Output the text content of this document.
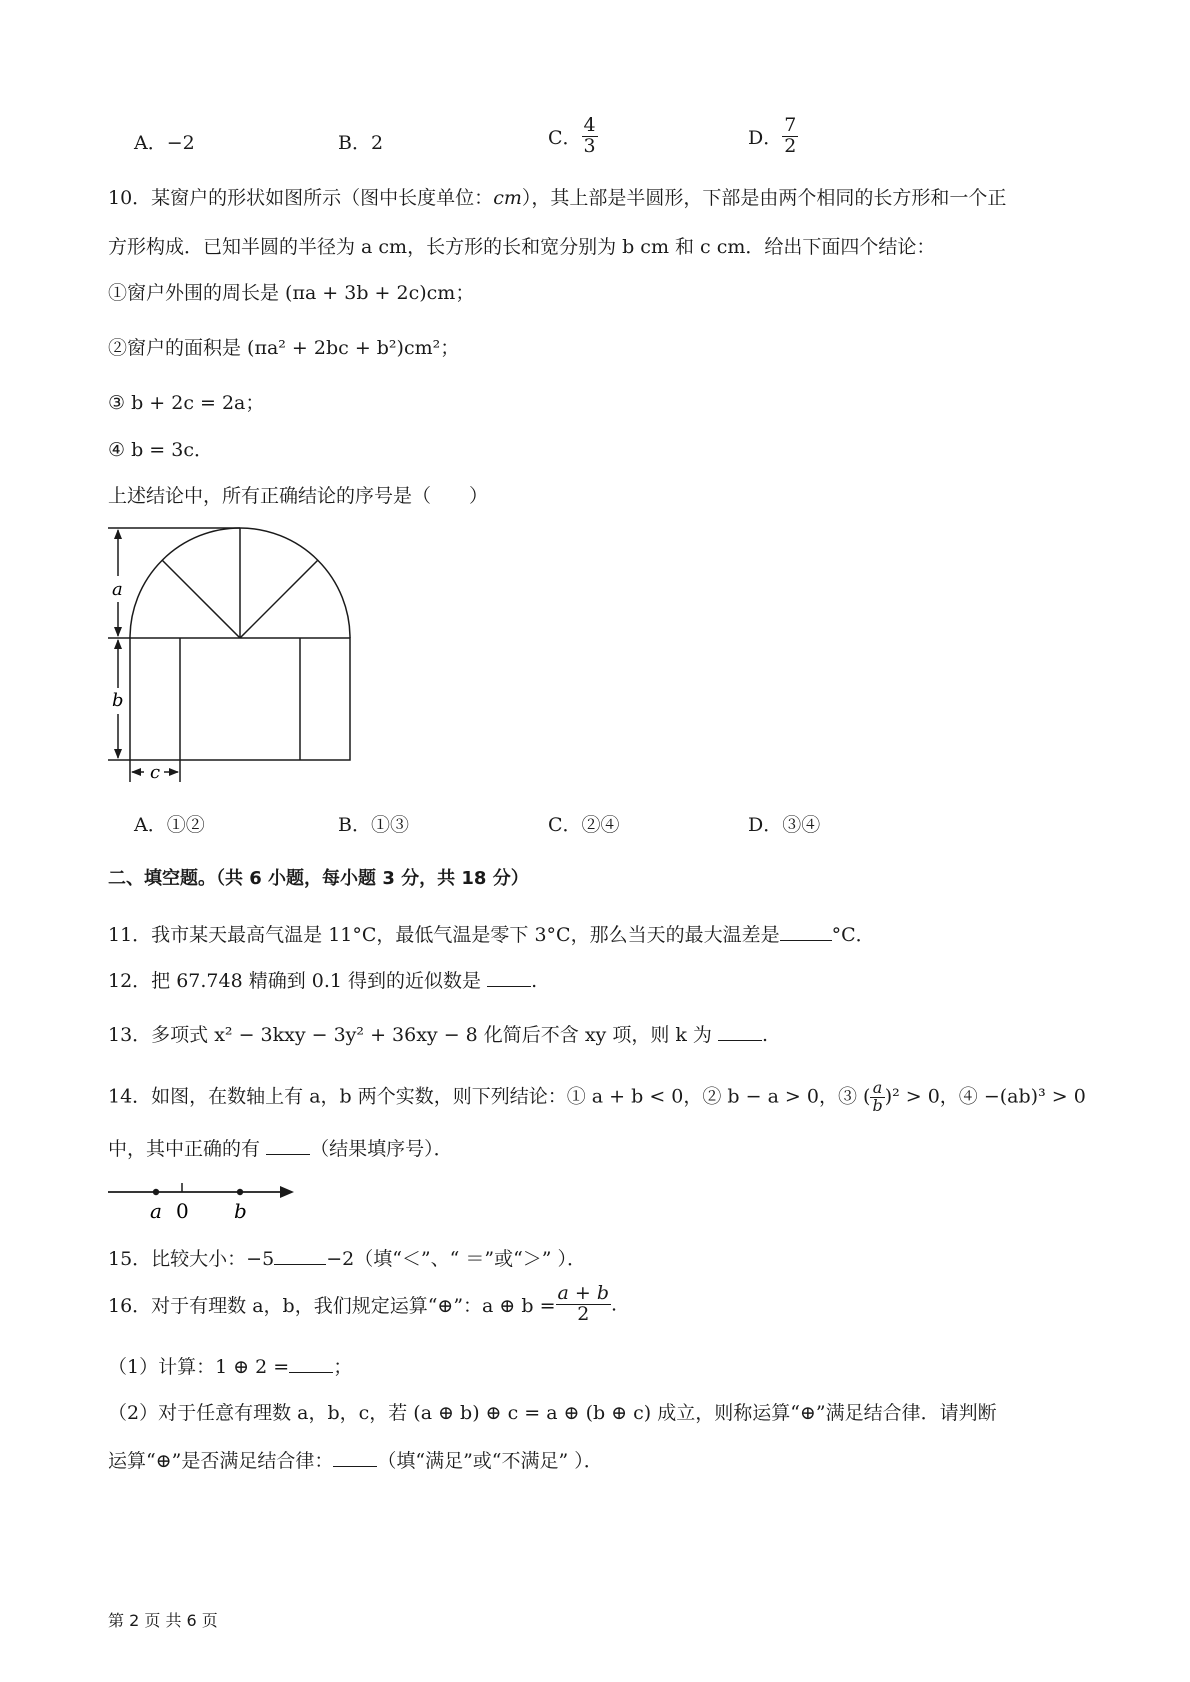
A．−2	B．2	C． $\frac{4}{3}$	D． $\frac{7}{2}$
10．某窗户的形状如图所示（图中长度单位：cm），其上部是半圆形，下部是由两个相同的长方形和一个正
方形构成．已知半圆的半径为 a cm，长方形的长和宽分别为 b cm 和 c cm．给出下面四个结论：
①窗户外围的周长是 (πa + 3b + 2c)cm；
②窗户的面积是 (πa² + 2bc + b²)cm²；
③ b + 2c = 2a；
④ b = 3c．
上述结论中，所有正确结论的序号是（　　）
a
b
c
A．①②	B．①③	C．②④	D．③④
二、填空题。（共 6 小题，每小题 3 分，共 18 分）
11．我市某天最高气温是 11°C，最低气温是零下 3°C，那么当天的最大温差是	°C．
12．把 67.748 精确到 0.1 得到的近似数是	.
13．多项式 x² − 3kxy − 3y² + 36xy − 8 化简后不含 xy 项，则 k 为	.
14．如图，在数轴上有 a，b 两个实数，则下列结论：① a + b < 0，② b − a > 0，③ ( $\frac{a}{b} )^2 > 0$，④ −(ab)³ > 0
中，其中正确的有	（结果填序号）．
a 0 b
15．比较大小：−5	−2（填“＜”、“ ＝”或“＞” ）．
16．对于有理数 a，b，我们规定运算“⊕”：a ⊕ $b = \frac{a + b}{2}$ .
（1）计算：1 ⊕ 2 = ；
（2）对于任意有理数 a，b，c，若 (a ⊕ b) ⊕ c = a ⊕ (b ⊕ c) 成立，则称运算“⊕”满足结合律．请判断
运算“⊕”是否满足结合律： （填“满足”或“不满足” ）．
第 2 页 共 6 页
